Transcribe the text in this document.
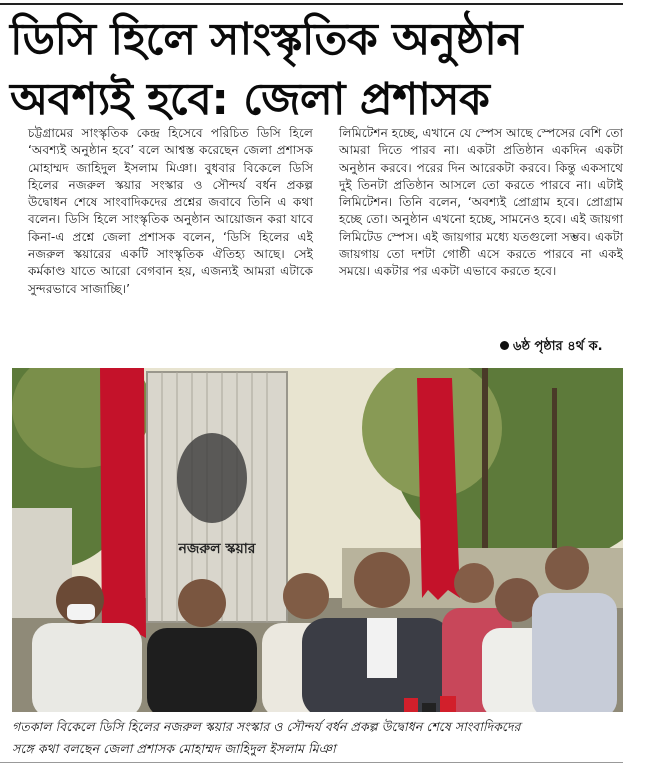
ডিসি হিলে সাংস্কৃতিক অনুষ্ঠান
অবশ্যই হবে: জেলা প্রশাসক
চট্টগ্রামের সাংস্কৃতিক কেন্দ্র হিসেবে পরিচিত ডিসি হিলে ‘অবশ্যই অনুষ্ঠান হবে’ বলে আশ্বস্ত করেছেন জেলা প্রশাসক মোহাম্মদ জাহিদুল ইসলাম মিঞা। বুধবার বিকেলে ডিসি হিলের নজরুল স্কয়ার সংস্কার ও সৌন্দর্য বর্ধন প্রকল্প উদ্বোধন শেষে সাংবাদিকদের প্রশ্নের জবাবে তিনি এ কথা বলেন। ডিসি হিলে সাংস্কৃতিক অনুষ্ঠান আয়োজন করা যাবে কিনা-এ প্রশ্নে জেলা প্রশাসক বলেন, ‘ডিসি হিলের এই নজরুল স্কয়ারের একটি সাংস্কৃতিক ঐতিহ্য আছে। সেই কর্মকাণ্ড যাতে আরো বেগবান হয়, এজন্যই আমরা এটাকে সুন্দরভাবে সাজাচ্ছি।’
লিমিটেশন হচ্ছে, এখানে যে স্পেস আছে স্পেসের বেশি তো আমরা দিতে পারব না। একটা প্রতিষ্ঠান একদিন একটা অনুষ্ঠান করবে। পরের দিন আরেকটা করবে। কিন্তু একসাথে দুই তিনটা প্রতিষ্ঠান আসলে তো করতে পারবে না। এটাই লিমিটেশন। তিনি বলেন, ‘অবশ্যই প্রোগ্রাম হবে। প্রোগ্রাম হচ্ছে তো। অনুষ্ঠান এখনো হচ্ছে, সামনেও হবে। এই জায়গা লিমিটেড স্পেস। এই জায়গার মধ্যে যতগুলো সম্ভব। একটা জায়গায় তো দশটা গোষ্ঠী এসে করতে পারবে না একই সময়ে। একটার পর একটা এভাবে করতে হবে।
৬ষ্ঠ পৃষ্ঠার ৪র্থ ক.
নজরুল স্কয়ার
গতকাল বিকেলে ডিসি হিলের নজরুল স্কয়ার সংস্কার ও সৌন্দর্য বর্ধন প্রকল্প উদ্বোধন শেষে সাংবাদিকদের
সঙ্গে কথা বলছেন জেলা প্রশাসক মোহাম্মদ জাহিদুল ইসলাম মিঞা
